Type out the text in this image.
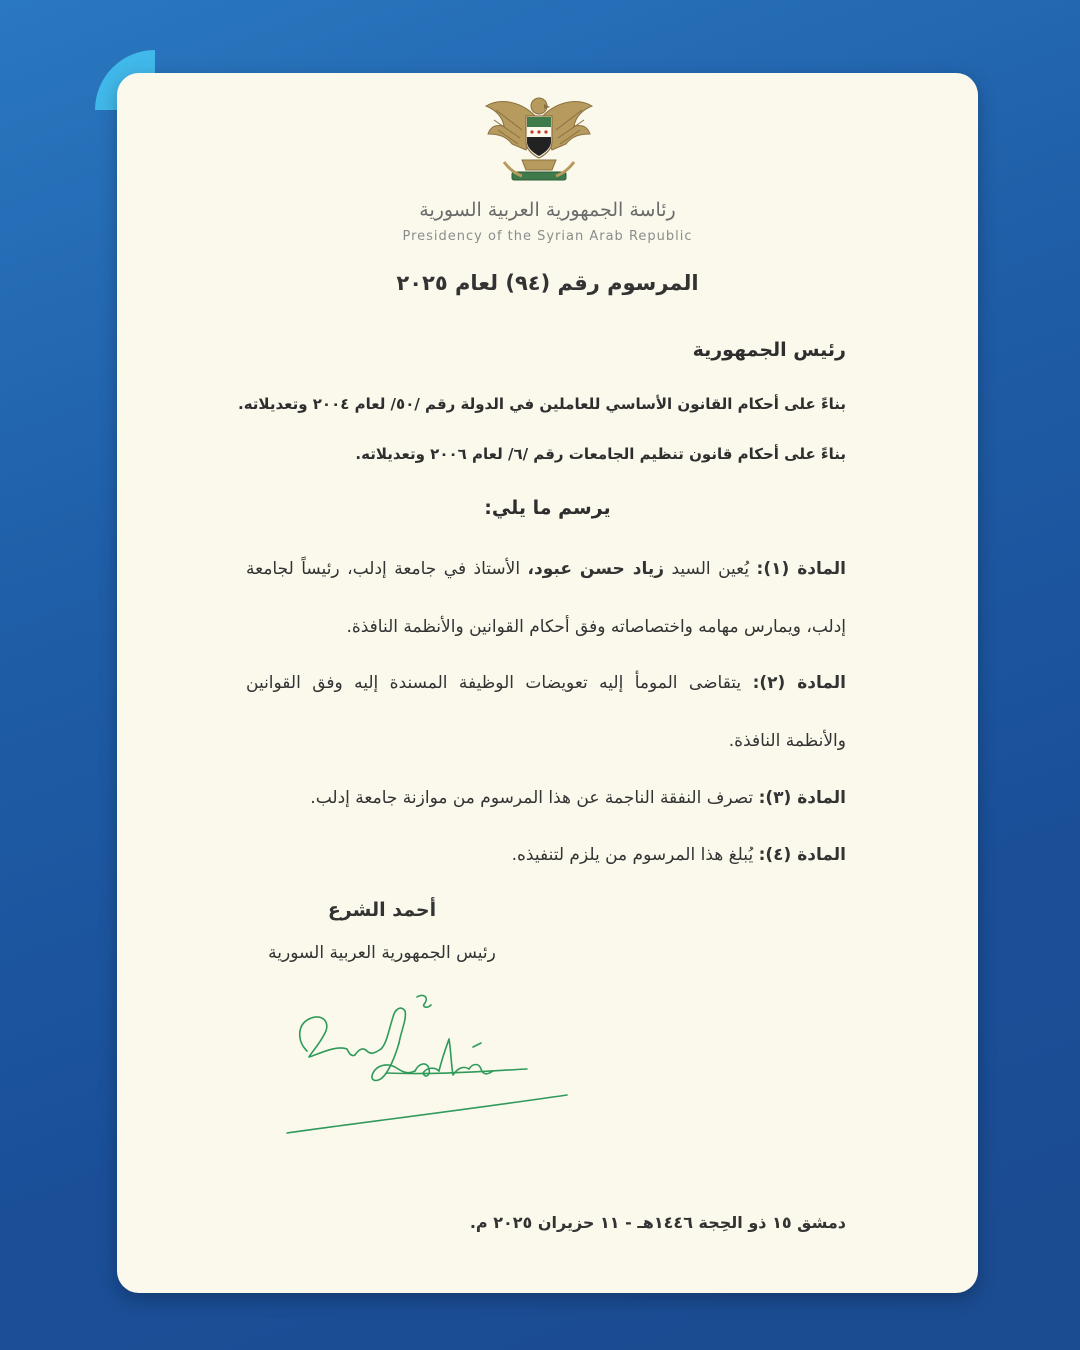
رئاسة الجمهورية العربية السورية
Presidency of the Syrian Arab Republic
المرسوم رقم (٩٤) لعام ٢٠٢٥
رئيس الجمهورية
بناءً على أحكام القانون الأساسي للعاملين في الدولة رقم /٥٠/ لعام ٢٠٠٤ وتعديلاته.
بناءً على أحكام قانون تنظيم الجامعات رقم /٦/ لعام ٢٠٠٦ وتعديلاته.
يرسم ما يلي:
المادة (١): يُعين السيد زياد حسن عبود، الأستاذ في جامعة إدلب، رئيساً لجامعة إدلب، ويمارس مهامه واختصاصاته وفق أحكام القوانين والأنظمة النافذة.
المادة (٢): يتقاضى المومأ إليه تعويضات الوظيفة المسندة إليه وفق القوانين والأنظمة النافذة.
المادة (٣): تصرف النفقة الناجمة عن هذا المرسوم من موازنة جامعة إدلب.
المادة (٤): يُبلغ هذا المرسوم من يلزم لتنفيذه.
أحمد الشرع
رئيس الجمهورية العربية السورية
دمشق ١٥ ذو الحِجة ١٤٤٦هـ - ١١ حزيران ٢٠٢٥ م.
